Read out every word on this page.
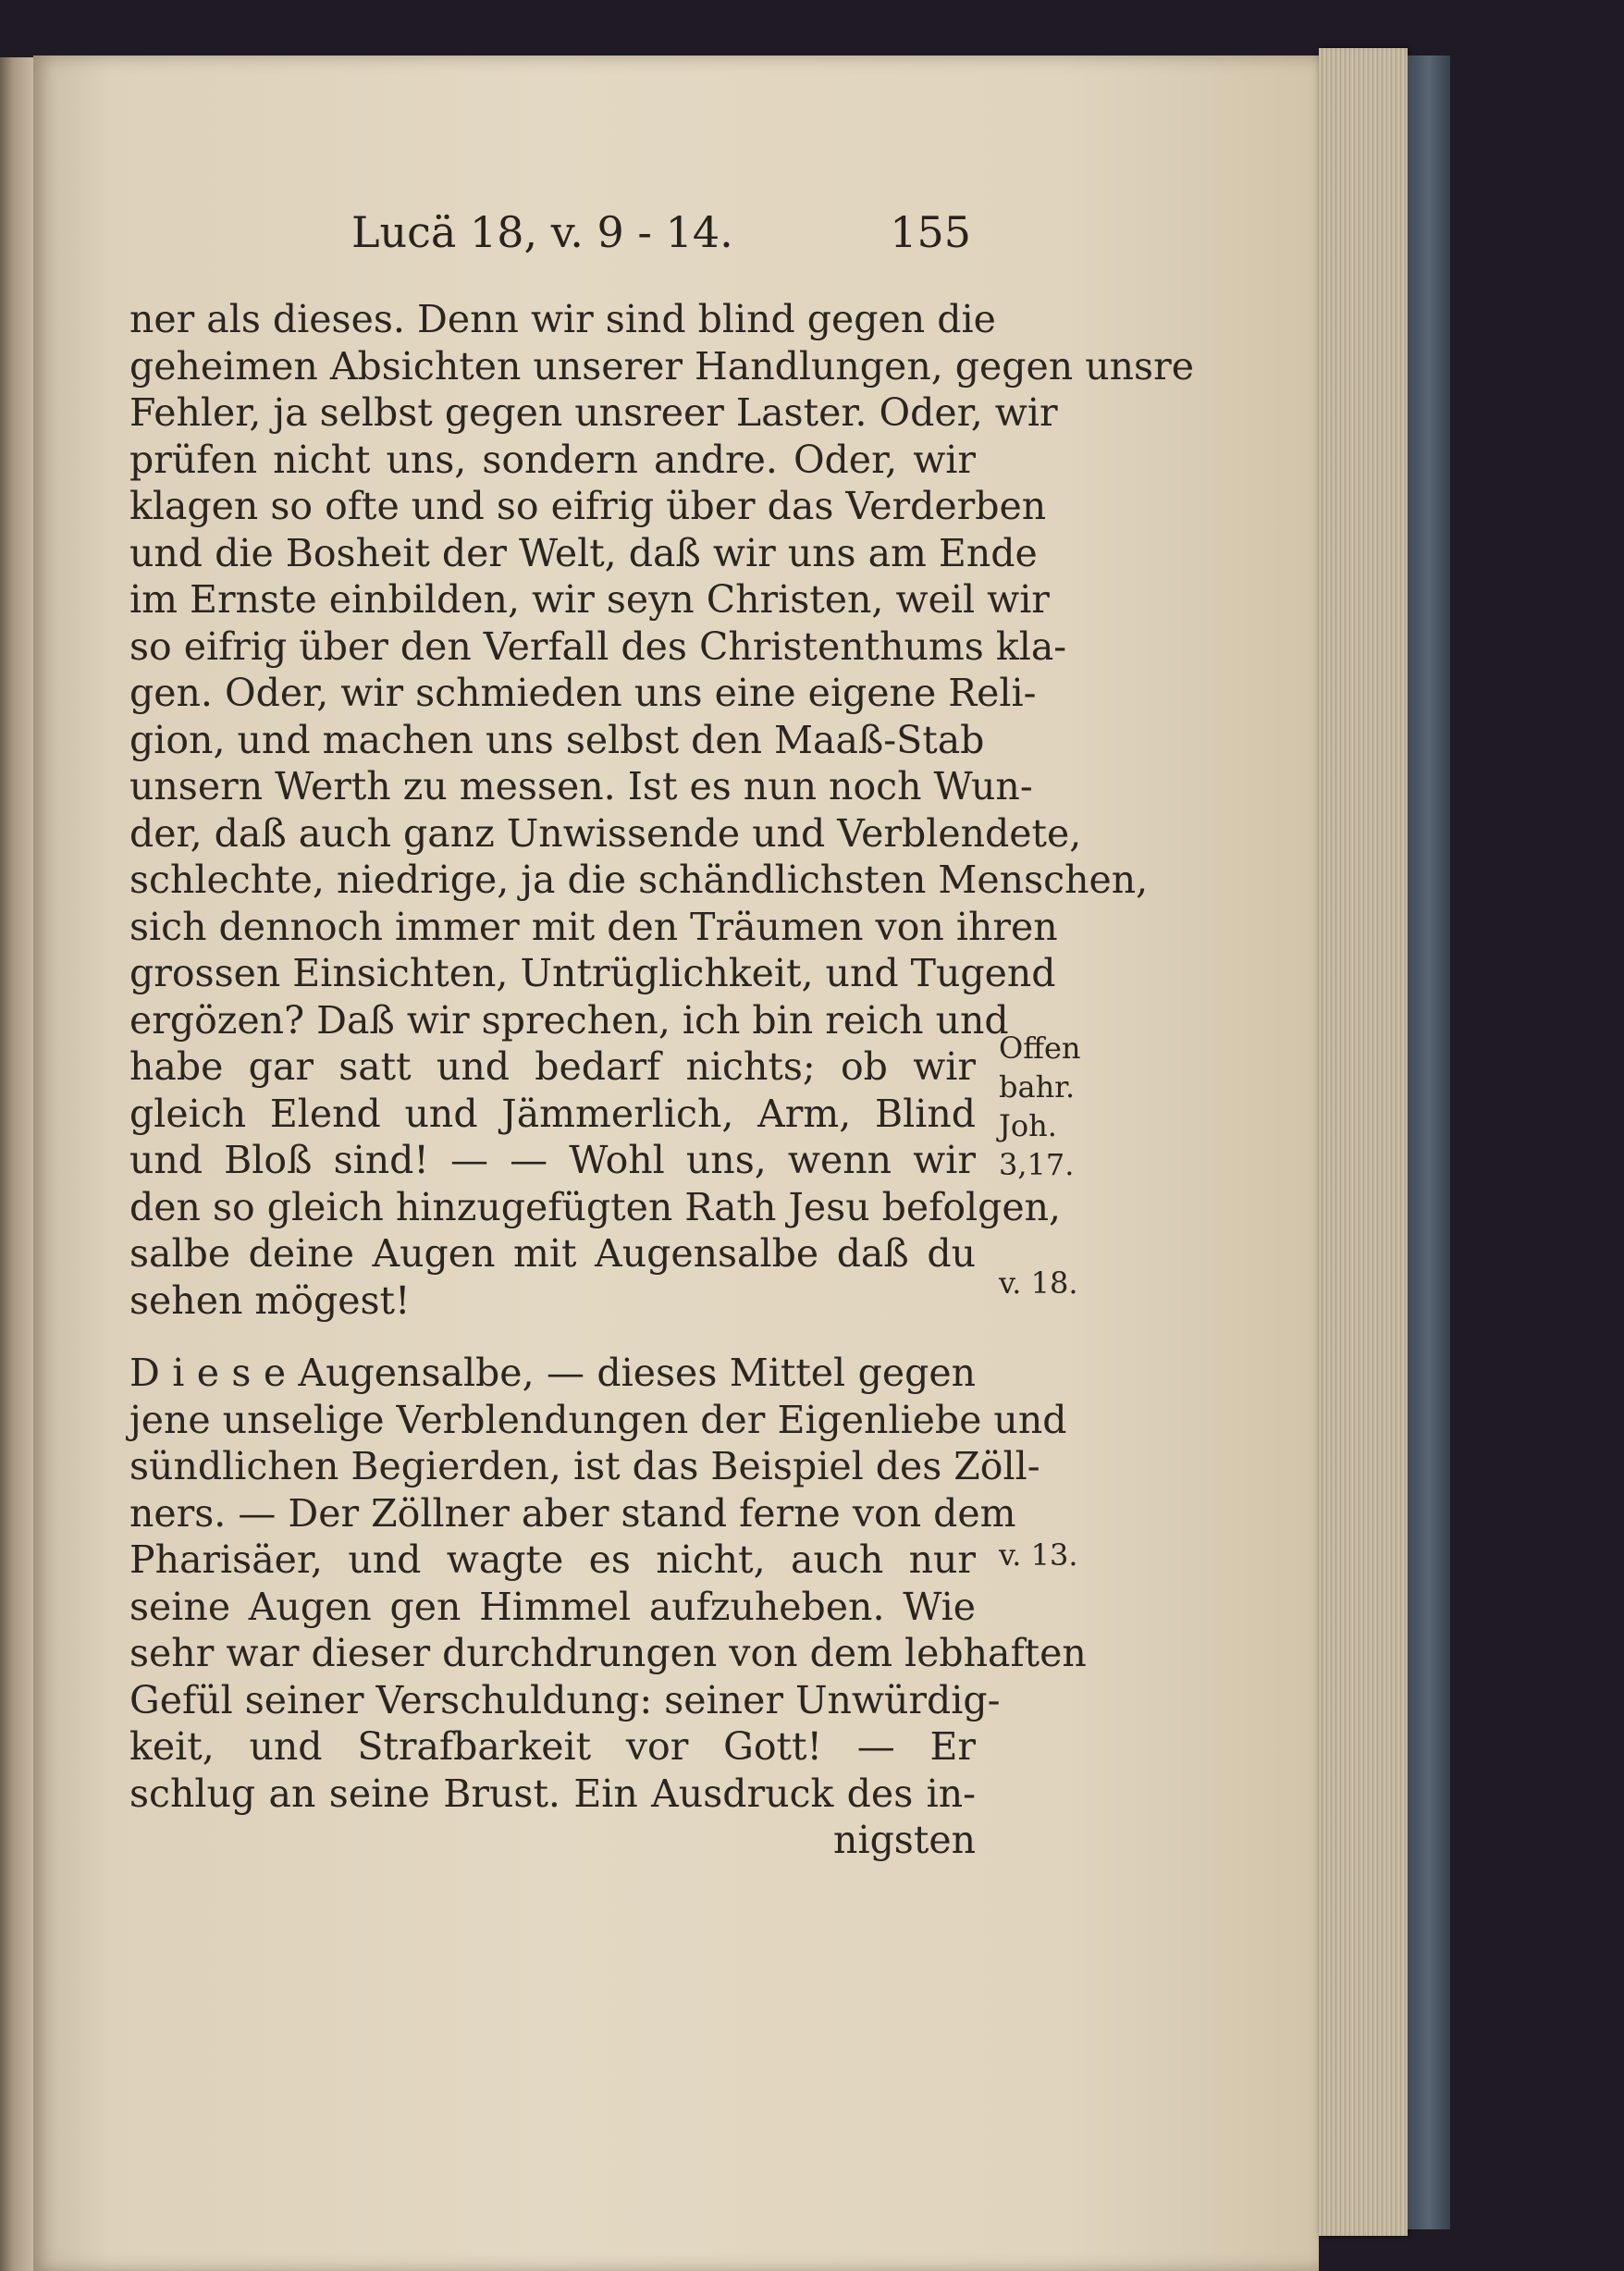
Lucä 18, v. 9 - 14.	155
ner als dieses. Denn wir sind blind gegen die
geheimen Absichten unserer Handlungen, gegen unsre
Fehler, ja selbst gegen unsreer Laster. Oder, wir
prüfen nicht uns, sondern andre. Oder, wir
klagen so ofte und so eifrig über das Verderben
und die Bosheit der Welt, daß wir uns am Ende
im Ernste einbilden, wir seyn Christen, weil wir
so eifrig über den Verfall des Christenthums kla-
gen. Oder, wir schmieden uns eine eigene Reli-
gion, und machen uns selbst den Maaß-Stab
unsern Werth zu messen. Ist es nun noch Wun-
der, daß auch ganz Unwissende und Verblendete,
schlechte, niedrige, ja die schändlichsten Menschen,
sich dennoch immer mit den Träumen von ihren
grossen Einsichten, Untrüglichkeit, und Tugend
ergözen? Daß wir sprechen, ich bin reich und
habe gar satt und bedarf nichts; ob wir
gleich Elend und Jämmerlich, Arm, Blind
und Bloß sind! — — Wohl uns, wenn wir
den so gleich hinzugefügten Rath Jesu befolgen,
salbe deine Augen mit Augensalbe daß du
sehen mögest!
D i e s e Augensalbe, — dieses Mittel gegen
jene unselige Verblendungen der Eigenliebe und
sündlichen Begierden, ist das Beispiel des Zöll-
ners. — Der Zöllner aber stand ferne von dem
Pharisäer, und wagte es nicht, auch nur
seine Augen gen Himmel aufzuheben. Wie
sehr war dieser durchdrungen von dem lebhaften
Gefül seiner Verschuldung: seiner Unwürdig-
keit, und Strafbarkeit vor Gott! — Er
schlug an seine Brust. Ein Ausdruck des in-
nigsten
Offen
bahr.
Joh.
3,17.
v. 18.
v. 13.
